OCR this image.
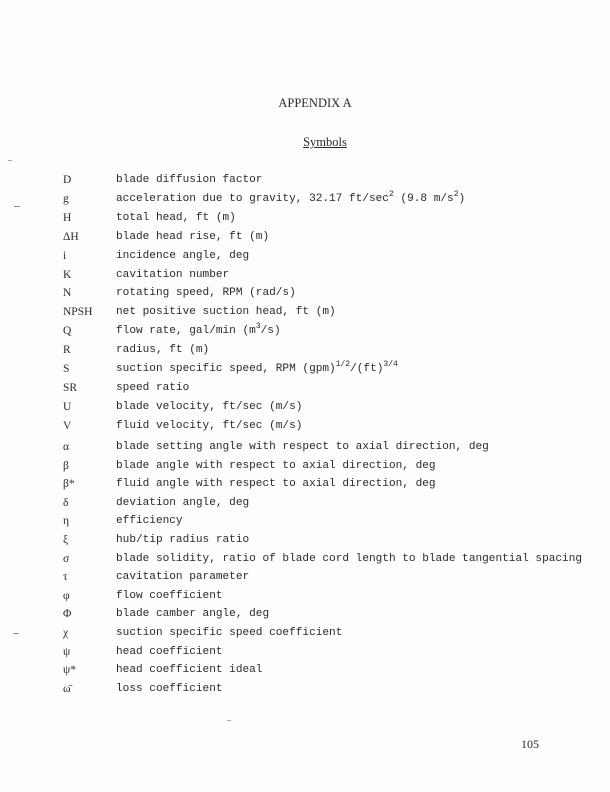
APPENDIX A
Symbols
D	blade diffusion factor
g	acceleration due to gravity, 32.17 $ft/\sec^2$ (9.8 $m/s^2$)
H	total head, ft (m)
ΔH	blade head rise, ft (m)
i	incidence angle, deg
K	cavitation number
N	rotating speed, RPM (rad/s)
NPSH	net positive suction head, ft (m)
Q	flow rate, gal/min $(m^3/s)$
R	radius, ft (m)
S	suction specific speed, RPM (gpm)$^{1/2}$/(ft)$^{3/4}$
SR	speed ratio
U	blade velocity, ft/sec (m/s)
V	fluid velocity, ft/sec (m/s)
α	blade setting angle with respect to axial direction, deg
β	blade angle with respect to axial direction, deg
β*	fluid angle with respect to axial direction, deg
δ	deviation angle, deg
η	efficiency
ξ	hub/tip radius ratio
σ	blade solidity, ratio of blade cord length to blade tangential spacing
τ	cavitation parameter
φ	flow coefficient
Φ	blade camber angle, deg
χ	suction specific speed coefficient
ψ	head coefficient
ψ*	head coefficient ideal
ω̄	loss coefficient
105
